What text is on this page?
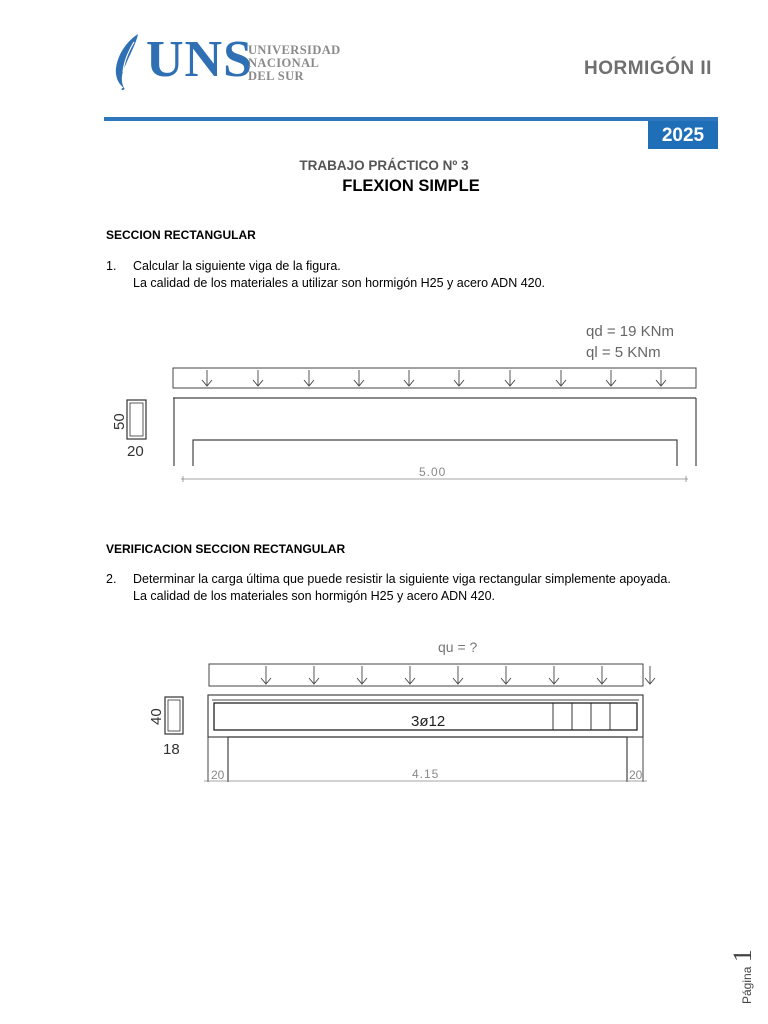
UNS
UNIVERSIDAD
NACIONAL
DEL SUR	HORMIGÓN II
2025
TRABAJO PRÁCTICO Nº 3
FLEXION SIMPLE
SECCION RECTANGULAR
1. Calcular la siguiente viga de la figura.
La calidad de los materiales a utilizar son hormigón H25 y acero ADN 420.
qd = 19 KNm
ql = 5 KNm
50
20
5.00
VERIFICACION SECCION RECTANGULAR
2. Determinar la carga última que puede resistir la siguiente viga rectangular simplemente apoyada.
La calidad de los materiales son hormigón H25 y acero ADN 420.
qu = ?
40
18
3ø12
20	4.15	20
Página 1
